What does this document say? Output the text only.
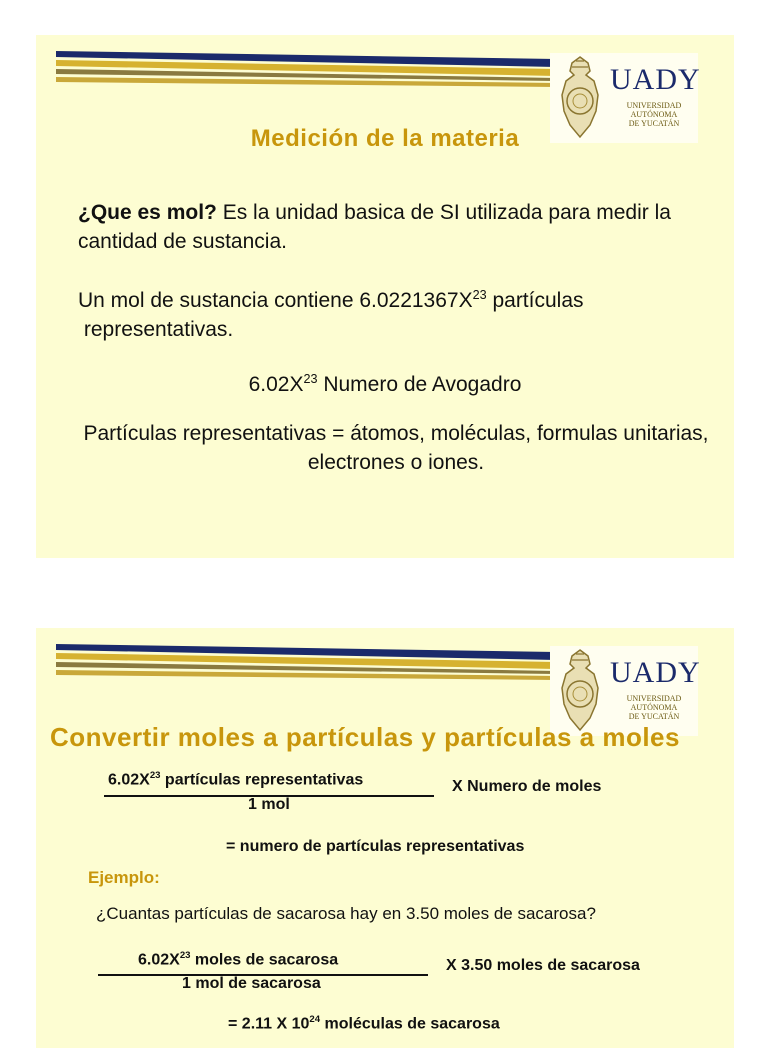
UADY
UNIVERSIDAD
AUTÓNOMA
DE YUCATÁN
Medición de la materia
¿Que es mol? Es la unidad basica de SI utilizada para medir la cantidad de sustancia.
Un mol de sustancia contiene $6.0221367X^{23}$ partículas
representativas.
$6.02X^{23}$ Numero de Avogadro
Partículas representativas = átomos, moléculas, formulas unitarias, electrones o iones.
UADY
UNIVERSIDAD
AUTÓNOMA
DE YUCATÁN
Convertir moles a partículas y partículas a moles
$6.02X^{23}$ partículas representativas
1 mol
X Numero de moles
= numero de partículas representativas
Ejemplo:
¿Cuantas partículas de sacarosa hay en 3.50 moles de sacarosa?
$6.02X^{23}$ moles de sacarosa
1 mol de sacarosa
X 3.50 moles de sacarosa
= 2.11 X $10^{24}$ moléculas de sacarosa
